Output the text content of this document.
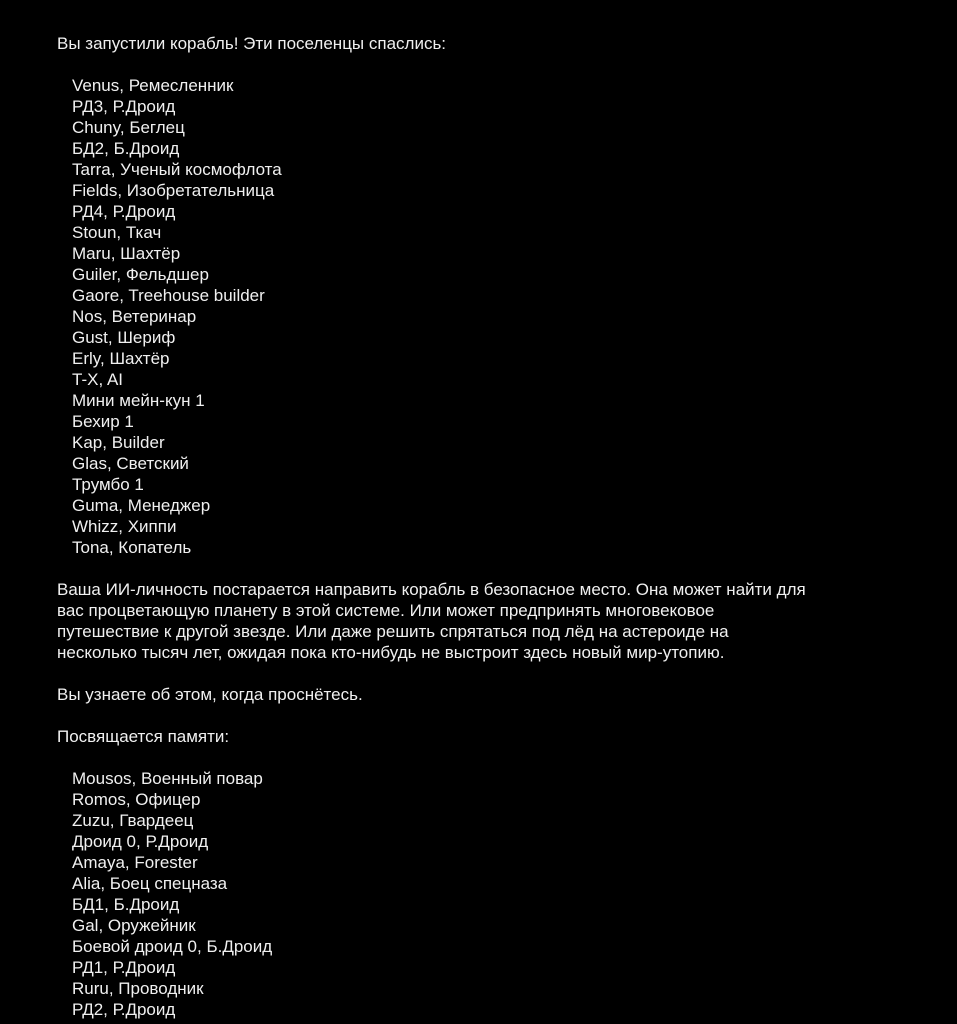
Вы запустили корабль! Эти поселенцы спаслись:
Venus, Ремесленник
РД3, Р.Дроид
Chuny, Беглец
БД2, Б.Дроид
Tarra, Ученый космофлота
Fields, Изобретательница
РД4, Р.Дроид
Stoun, Ткач
Maru, Шахтёр
Guiler, Фельдшер
Gaore, Treehouse builder
Nos, Ветеринар
Gust, Шериф
Erly, Шахтёр
T-X, AI
Мини мейн-кун 1
Бехир 1
Kap, Builder
Glas, Светский
Трумбо 1
Guma, Менеджер
Whizz, Хиппи
Tona, Копатель
Ваша ИИ-личность постарается направить корабль в безопасное место. Она может найти для
вас процветающую планету в этой системе. Или может предпринять многовековое
путешествие к другой звезде. Или даже решить спрятаться под лёд на астероиде на
несколько тысяч лет, ожидая пока кто-нибудь не выстроит здесь новый мир-утопию.
Вы узнаете об этом, когда проснётесь.
Посвящается памяти:
Mousos, Военный повар
Romos, Офицер
Zuzu, Гвардеец
Дроид 0, Р.Дроид
Amaya, Forester
Alia, Боец спецназа
БД1, Б.Дроид
Gal, Оружейник
Боевой дроид 0, Б.Дроид
РД1, Р.Дроид
Ruru, Проводник
РД2, Р.Дроид
